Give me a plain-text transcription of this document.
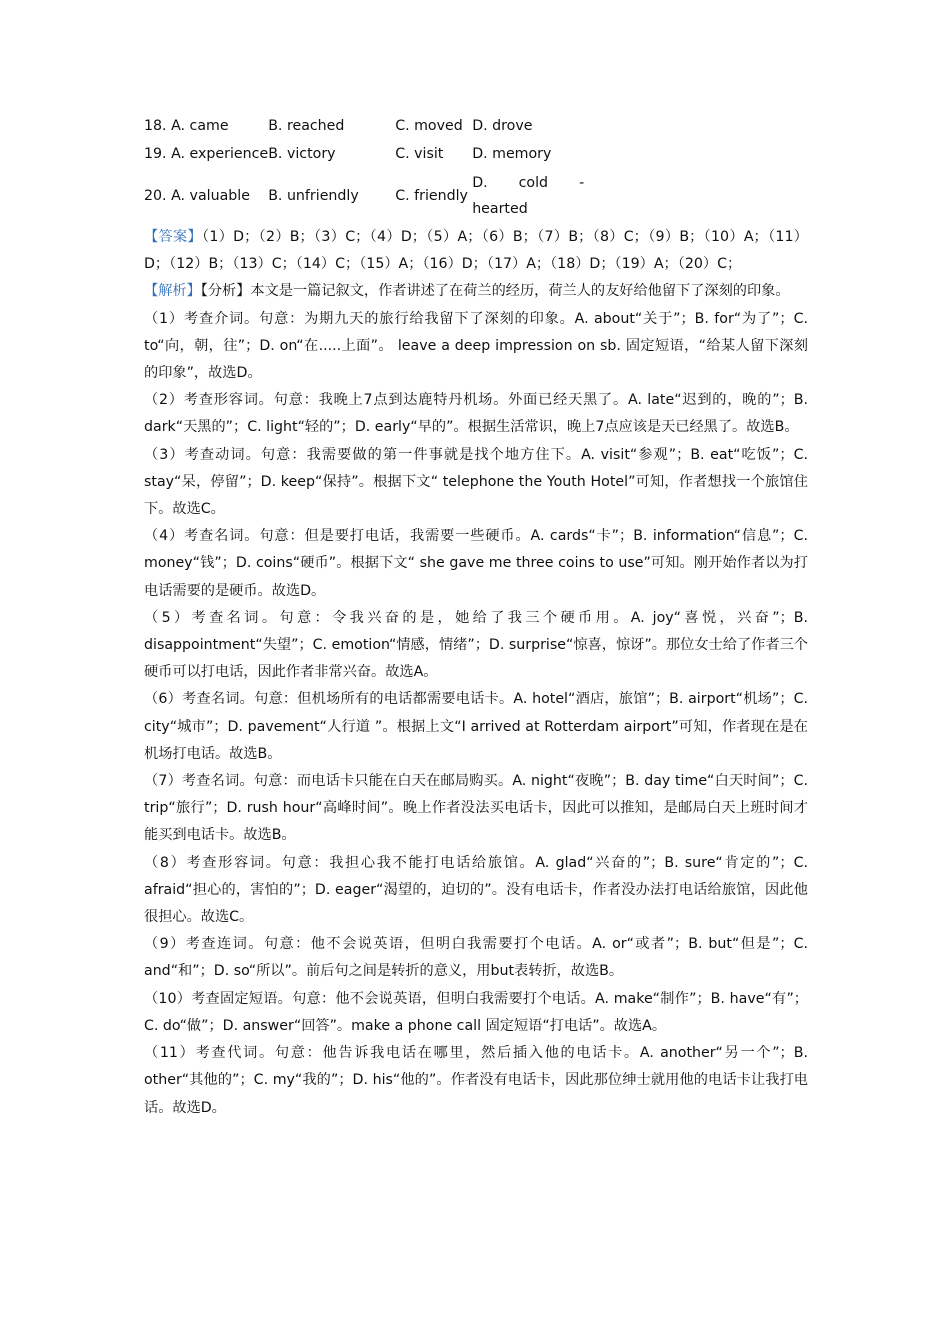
18. A. came	B. reached	C. moved	D. drove
19. A. experience	B. victory	C. visit	D. memory
20. A. valuable	B. unfriendly	C. friendly	D. cold -
hearted

【答案】（1）D；（2）B；（3）C；（4）D；（5）A；（6）B；（7）B；（8）C；（9）B；（10）A；（11）D；（12）B；（13）C；（14）C；（15）A；（16）D；（17）A；（18）D；（19）A；（20）C；

【解析】【分析】本文是一篇记叙文，作者讲述了在荷兰的经历，荷兰人的友好给他留下了深刻的印象。

（1）考查介词。句意：为期九天的旅行给我留下了深刻的印象。A. about“关于”；B. for“为了”；C. to“向，朝，往”；D. on“在.....上面”。 leave a deep impression on sb. 固定短语，“给某人留下深刻的印象”，故选D。

（2）考查形容词。句意：我晚上7点到达鹿特丹机场。外面已经天黑了。A. late“迟到的，晚的”；B. dark“天黑的”；C. light“轻的”；D. early“早的”。根据生活常识，晚上7点应该是天已经黑了。故选B。

（3）考查动词。句意：我需要做的第一件事就是找个地方住下。A. visit“参观”；B. eat“吃饭”；C. stay“呆，停留”；D. keep“保持”。根据下文“ telephone the Youth Hotel”可知，作者想找一个旅馆住下。故选C。

（4）考查名词。句意：但是要打电话，我需要一些硬币。A. cards“卡”；B. information“信息”；C. money“钱”；D. coins“硬币”。根据下文“ she gave me three coins to use”可知。刚开始作者以为打电话需要的是硬币。故选D。

（5）考查名词。句意：令我兴奋的是，她给了我三个硬币用。A. joy“喜悦，兴奋”；B. disappointment“失望”；C. emotion“情感，情绪”；D. surprise“惊喜，惊讶”。那位女士给了作者三个硬币可以打电话，因此作者非常兴奋。故选A。

（6）考查名词。句意：但机场所有的电话都需要电话卡。A. hotel“酒店，旅馆”；B. airport“机场”；C. city“城市”；D. pavement“人行道 ”。根据上文“I arrived at Rotterdam airport”可知，作者现在是在机场打电话。故选B。

（7）考查名词。句意：而电话卡只能在白天在邮局购买。A. night“夜晚”；B. day time“白天时间”；C. trip“旅行”；D. rush hour“高峰时间”。晚上作者没法买电话卡，因此可以推知，是邮局白天上班时间才能买到电话卡。故选B。

（8）考查形容词。句意：我担心我不能打电话给旅馆。A. glad“兴奋的”；B. sure“肯定的”；C. afraid“担心的，害怕的”；D. eager“渴望的，迫切的”。没有电话卡，作者没办法打电话给旅馆，因此他很担心。故选C。

（9）考查连词。句意：他不会说英语，但明白我需要打个电话。A. or“或者”；B. but“但是”；C. and“和”；D. so“所以”。前后句之间是转折的意义，用but表转折，故选B。

（10）考查固定短语。句意：他不会说英语，但明白我需要打个电话。A. make“制作”；B. have“有”；C. do“做”；D. answer“回答”。make a phone call 固定短语“打电话”。故选A。

（11）考查代词。句意：他告诉我电话在哪里，然后插入他的电话卡。A. another“另一个”；B. other“其他的”；C. my“我的”；D. his“他的”。作者没有电话卡，因此那位绅士就用他的电话卡让我打电话。故选D。
